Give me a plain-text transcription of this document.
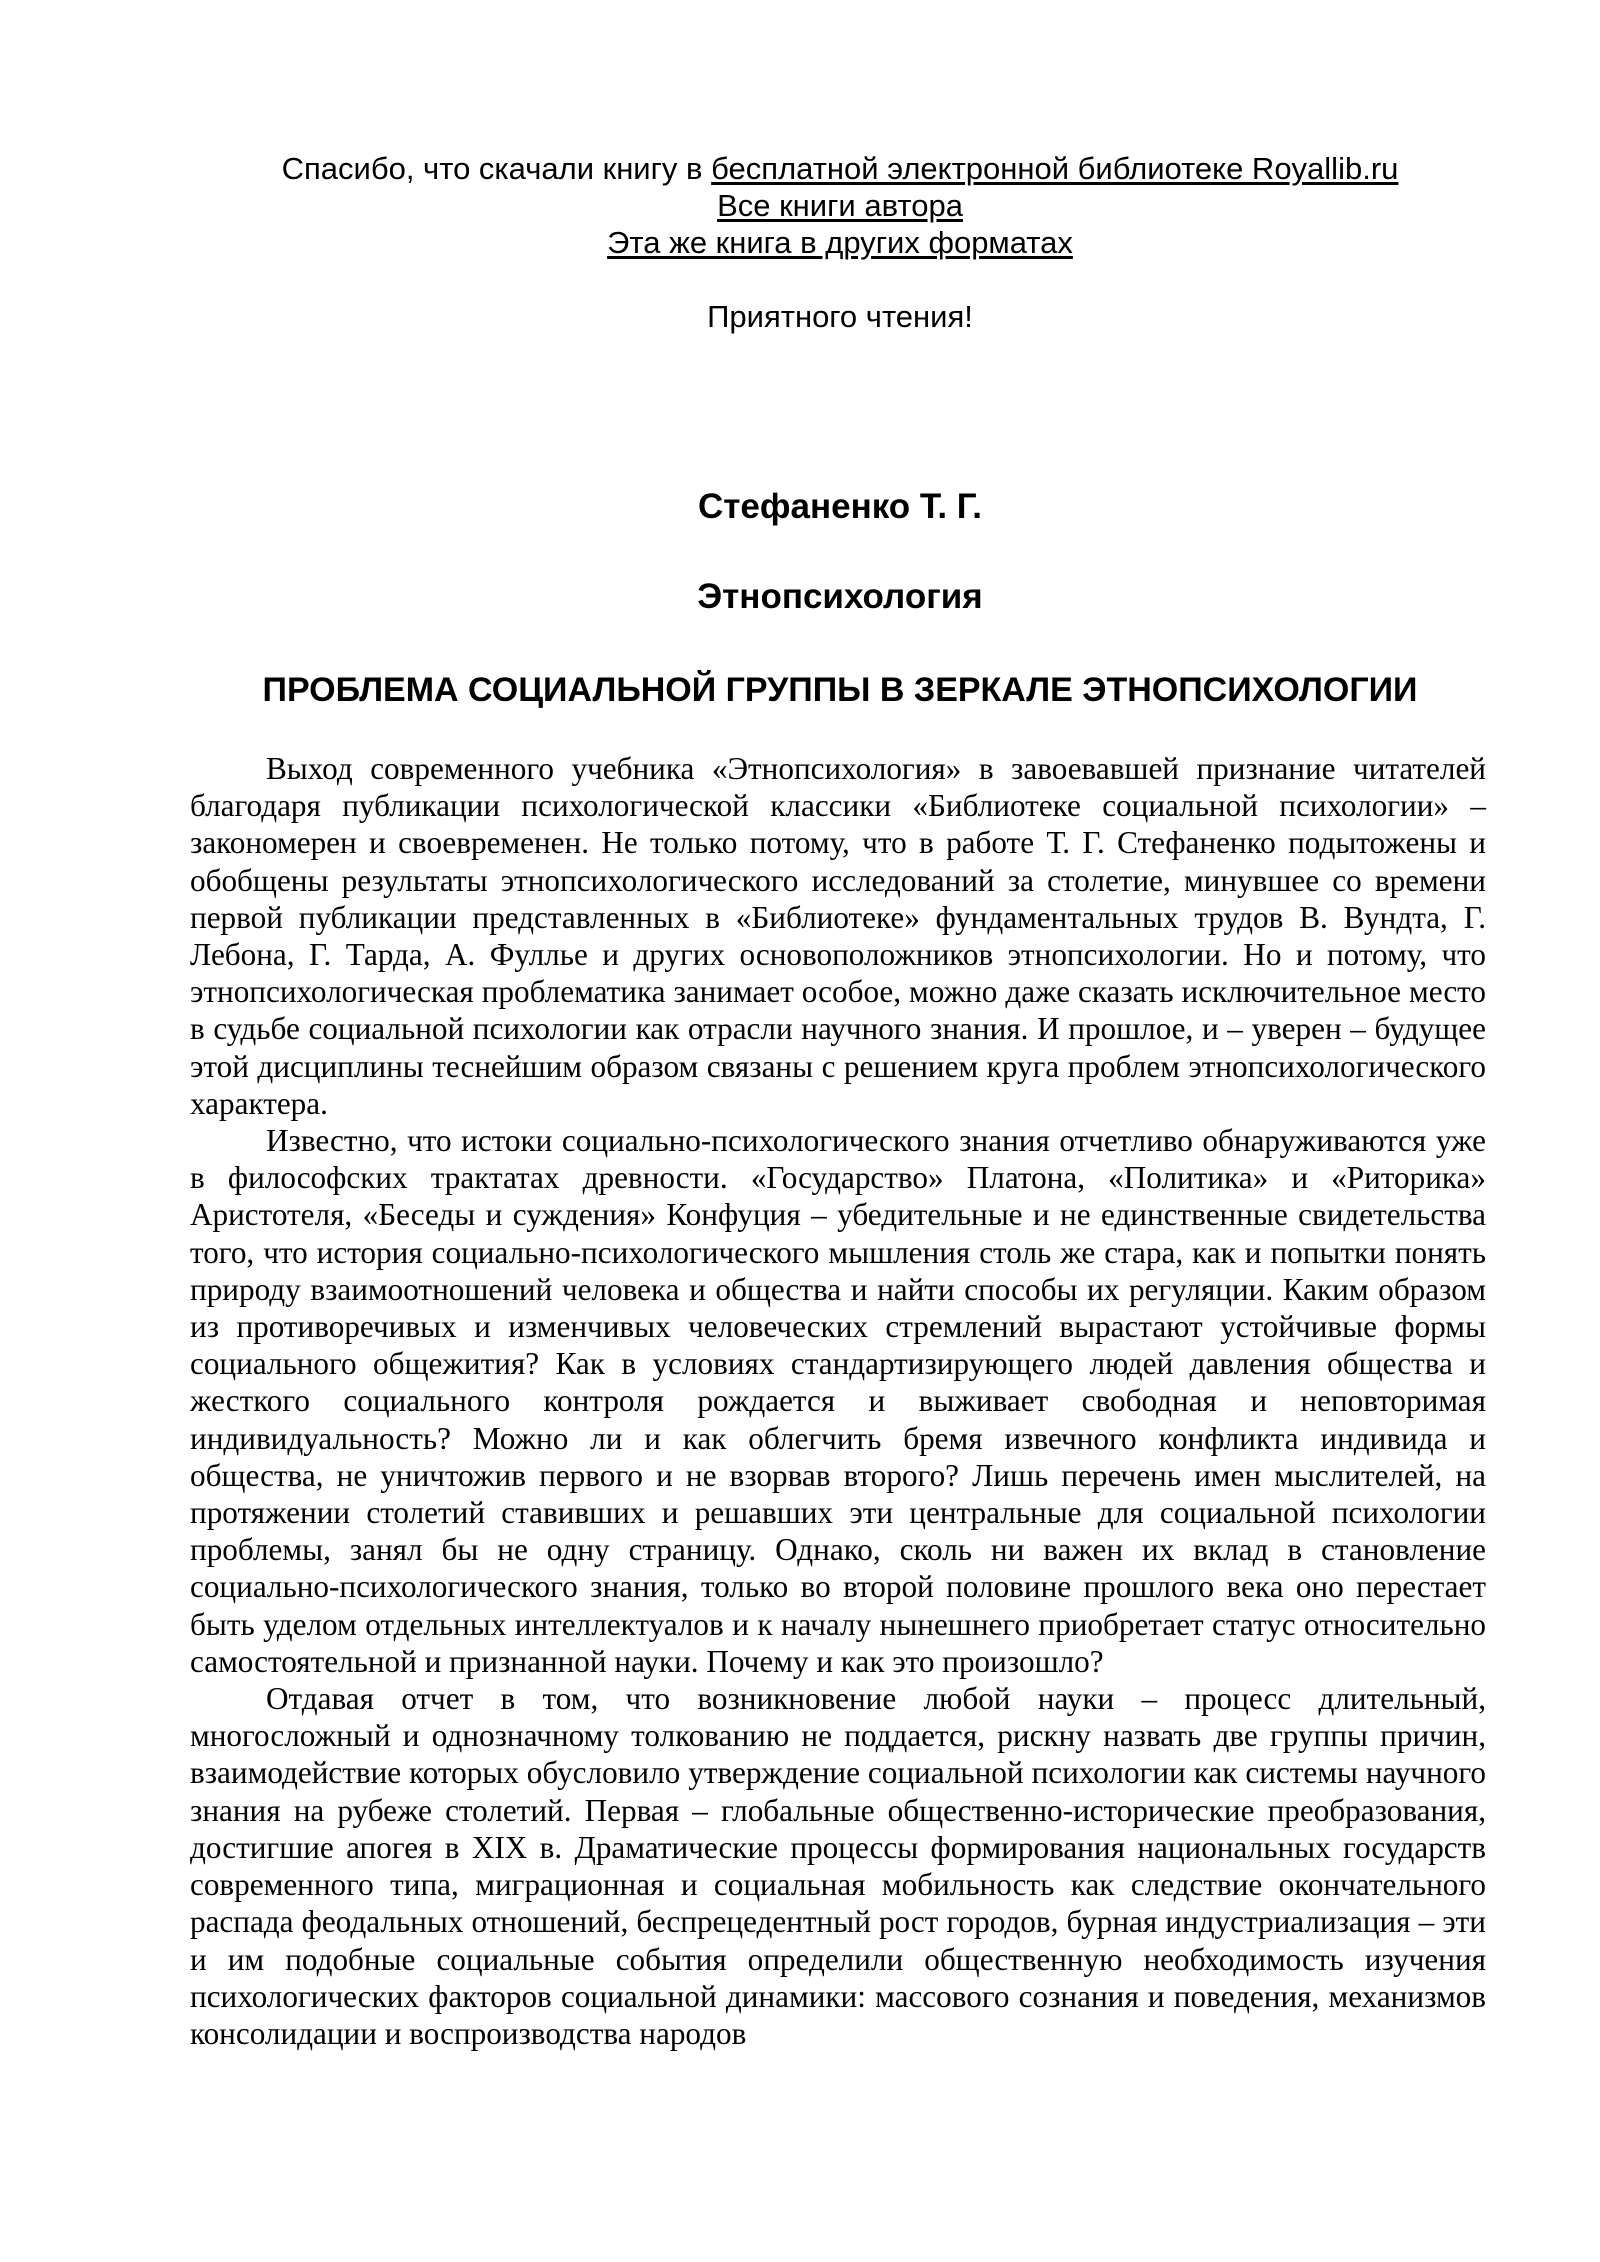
Спасибо, что скачали книгу в бесплатной электронной библиотеке Royallib.ru
Все книги автора
Эта же книга в других форматах
Приятного чтения!
Стефаненко Т. Г.
Этнопсихология
ПРОБЛЕМА СОЦИАЛЬНОЙ ГРУППЫ В ЗЕРКАЛЕ ЭТНОПСИХОЛОГИИ

Выход современного учебника «Этнопсихология» в завоевавшей признание читателей благодаря публикации психологической классики «Библиотеке социальной психологии» – закономерен и своевременен. Не только потому, что в работе Т. Г. Стефаненко подытожены и обобщены результаты этнопсихологического исследований за столетие, минувшее со времени первой публикации представленных в «Библиотеке» фундаментальных трудов В. Вундта, Г. Лебона, Г. Тарда, А. Фуллье и других основоположников этнопсихологии. Но и потому, что этнопсихологическая проблематика занимает особое, можно даже сказать исключительное место в судьбе социальной психологии как отрасли научного знания. И прошлое, и – уверен – будущее этой дисциплины теснейшим образом связаны с решением круга проблем этнопсихологического характера.

Известно, что истоки социально-психологического знания отчетливо обнаруживаются уже в философских трактатах древности. «Государство» Платона, «Политика» и «Риторика» Аристотеля, «Беседы и суждения» Конфуция – убедительные и не единственные свидетельства того, что история социально-психологического мышления столь же стара, как и попытки понять природу взаимоотношений человека и общества и найти способы их регуляции. Каким образом из противоречивых и изменчивых человеческих стремлений вырастают устойчивые формы социального общежития? Как в условиях стандартизирующего людей давления общества и жесткого социального контроля рождается и выживает свободная и неповторимая индивидуальность? Можно ли и как облегчить бремя извечного конфликта индивида и общества, не уничтожив первого и не взорвав второго? Лишь перечень имен мыслителей, на протяжении столетий ставивших и решавших эти центральные для социальной психологии проблемы, занял бы не одну страницу. Однако, сколь ни важен их вклад в становление социально-психологического знания, только во второй половине прошлого века оно перестает быть уделом отдельных интеллектуалов и к началу нынешнего приобретает статус относительно самостоятельной и признанной науки. Почему и как это произошло?

Отдавая отчет в том, что возникновение любой науки – процесс длительный, многосложный и однозначному толкованию не поддается, рискну назвать две группы причин, взаимодействие которых обусловило утверждение социальной психологии как системы научного знания на рубеже столетий. Первая – глобальные общественно-исторические преобразования, достигшие апогея в XIX в. Драматические процессы формирования национальных государств современного типа, миграционная и социальная мобильность как следствие окончательного распада феодальных отношений, беспрецедентный рост городов, бурная индустриализация – эти и им подобные социальные события определили общественную необходимость изучения психологических факторов социальной динамики: массового сознания и поведения, механизмов консолидации и воспроизводства народов
